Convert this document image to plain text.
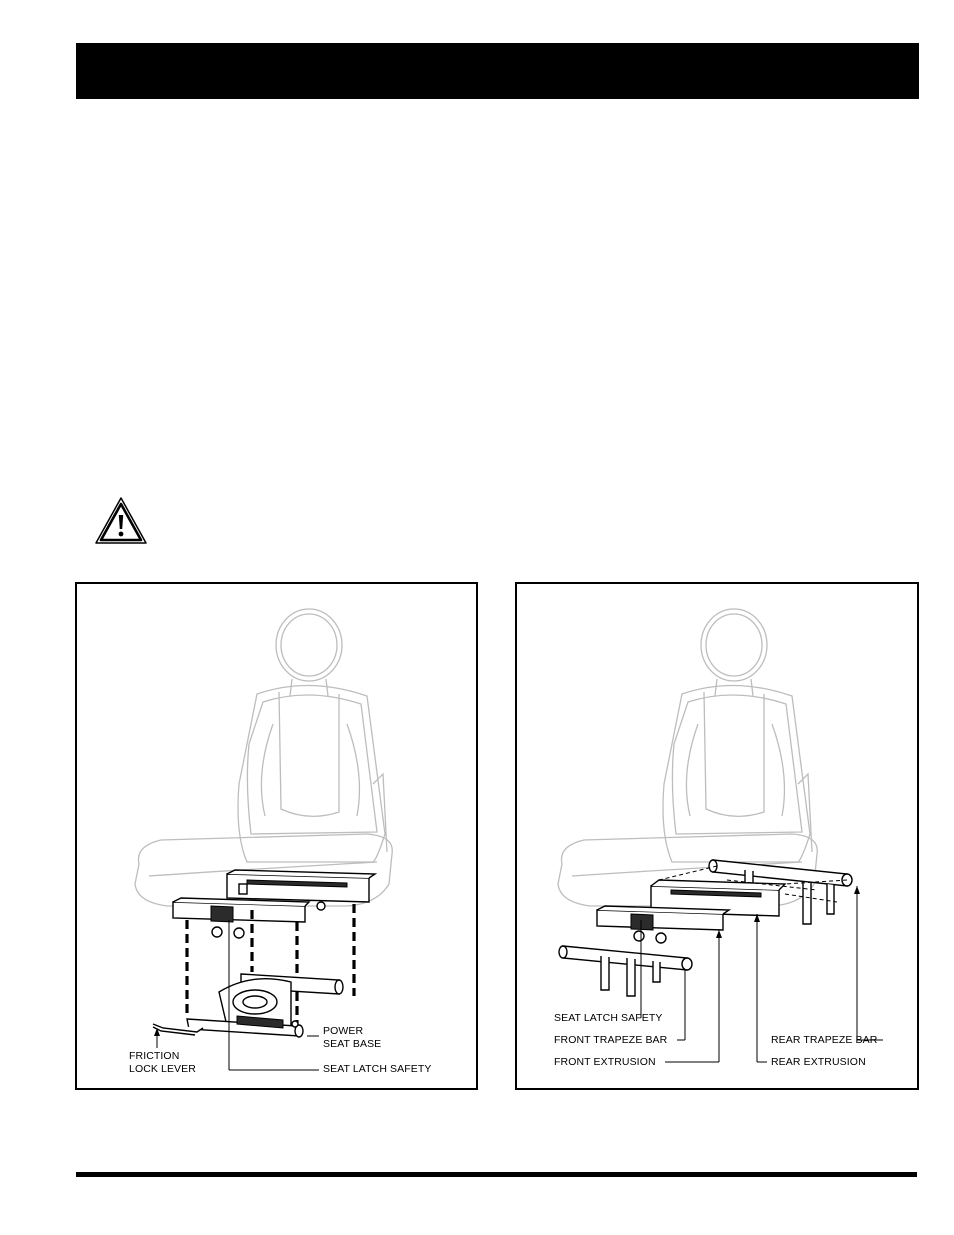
FRICTION
LOCK LEVER
POWER
SEAT BASE
SEAT LATCH SAFETY
SEAT LATCH SAFETY
FRONT TRAPEZE BAR
FRONT EXTRUSION
REAR TRAPEZE BAR
REAR EXTRUSION
